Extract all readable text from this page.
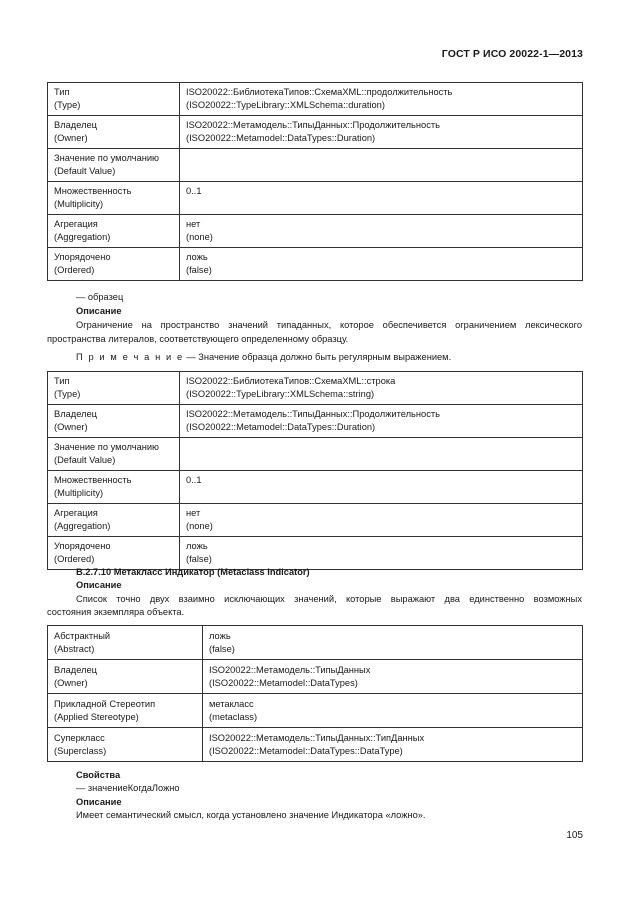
ГОСТ Р ИСО 20022-1—2013
Тип
(Type)	ISO20022::БиблиотекаТипов::СхемаXML::продолжительность
(ISO20022::TypeLibrary::XMLSchema::duration)

Владелец
(Owner)	ISO20022::Метамодель::ТипыДанных::Продолжительность
(ISO20022::Metamodel::DataTypes::Duration)

Значение по умолчанию
(Default Value)	

Множественность
(Multiplicity)	0..1

Агрегация
(Aggregation)	нет
(none)

Упорядочено
(Ordered)	ложь
(false)
— образец
Описание
Ограничение на пространство значений типаданных, которое обеспечивется ограничением лексического
пространства литералов, соответствующего определенному образцу.
П р и м е ч а н и е — Значение образца должно быть регулярным выражением.
Тип
(Type)	ISO20022::БиблиотекаТипов::СхемаXML::строка
(ISO20022::TypeLibrary::XMLSchema::string)

Владелец
(Owner)	ISO20022::Метамодель::ТипыДанных::Продолжительность
(ISO20022::Metamodel::DataTypes::Duration)

Значение по умолчанию
(Default Value)	

Множественность
(Multiplicity)	0..1

Агрегация
(Aggregation)	нет
(none)

Упорядочено
(Ordered)	ложь
(false)
В.2.7.10 Метакласс Индикатор (Metaclass Indicator)
Описание
Список точно двух взаимно исключающих значений, которые выражают два единственно возможных
состояния экземпляра объекта.
Абстрактный
(Abstract)	ложь
(false)

Владелец
(Owner)	ISO20022::Метамодель::ТипыДанных
(ISO20022::Metamodel::DataTypes)

Прикладной Стереотип
(Applied Stereotype)	метакласс
(metaclass)

Суперкласс
(Superclass)	ISO20022::Метамодель::ТипыДанных::ТипДанных
(ISO20022::Metamodel::DataTypes::DataType)
Свойства
— значениеКогдаЛожно
Описание
Имеет семантический смысл, когда установлено значение Индикатора «ложно».
105
